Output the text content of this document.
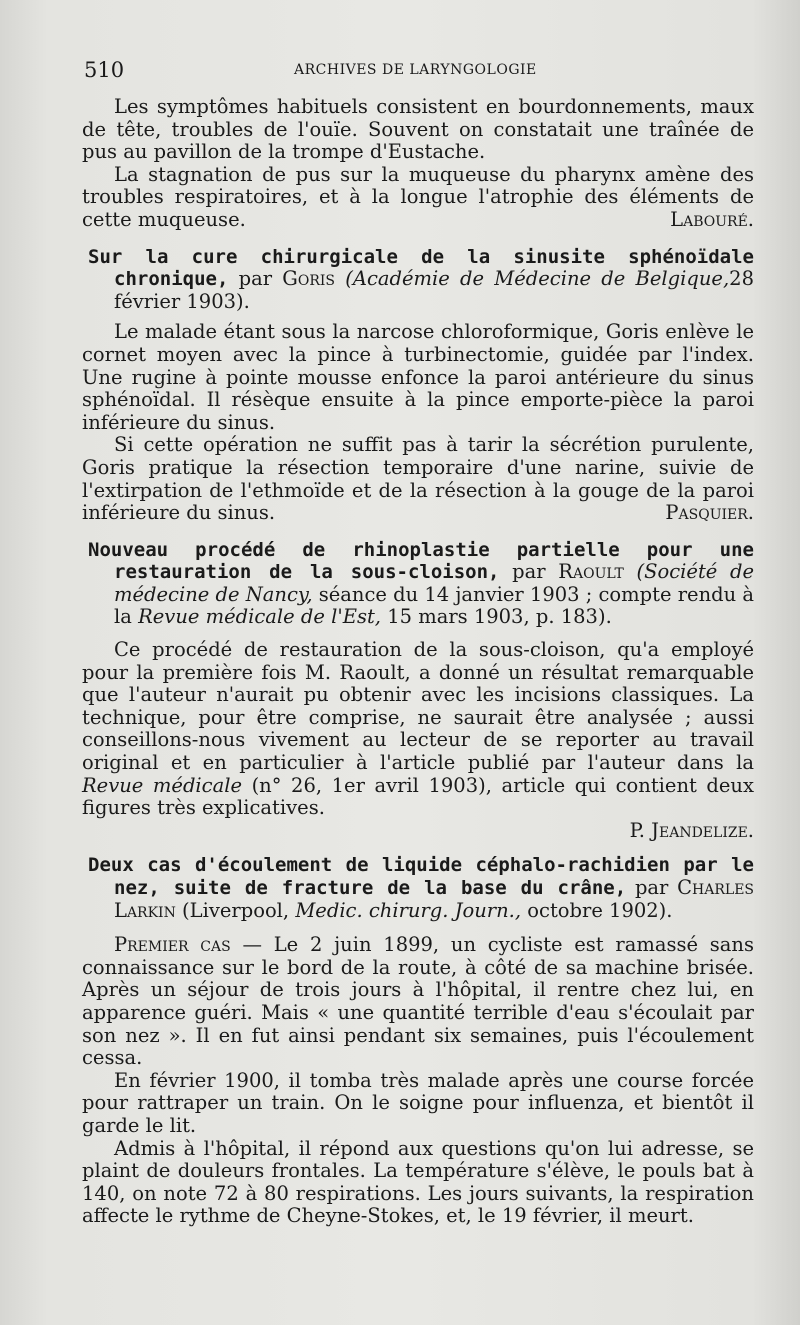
510	ARCHIVES DE LARYNGOLOGIE

Les symptômes habituels consistent en bourdonnements, maux de tête, troubles de l'ouïe. Souvent on constatait une traînée de pus au pavillon de la trompe d'Eustache.

La stagnation de pus sur la muqueuse du pharynx amène des troubles respiratoires, et à la longue l'atrophie des éléments de cette muqueuse.	Labouré.

Sur la cure chirurgicale de la sinusite sphénoïdale chronique, par Goris (Académie de Médecine de Belgique,28 février 1903).

Le malade étant sous la narcose chloroformique, Goris enlève le cornet moyen avec la pince à turbinectomie, guidée par l'index. Une rugine à pointe mousse enfonce la paroi antérieure du sinus sphénoïdal. Il résèque ensuite à la pince emporte-pièce la paroi inférieure du sinus.

Si cette opération ne suffit pas à tarir la sécrétion purulente, Goris pratique la résection temporaire d'une narine, suivie de l'extirpation de l'ethmoïde et de la résection à la gouge de la paroi inférieure du sinus.	Pasquier.

Nouveau procédé de rhinoplastie partielle pour une restauration de la sous-cloison, par Raoult (Société de médecine de Nancy, séance du 14 janvier 1903 ; compte rendu à la Revue médicale de l'Est, 15 mars 1903, p. 183).

Ce procédé de restauration de la sous-cloison, qu'a employé pour la première fois M. Raoult, a donné un résultat remarquable que l'auteur n'aurait pu obtenir avec les incisions classiques. La technique, pour être comprise, ne saurait être analysée ; aussi conseillons-nous vivement au lecteur de se reporter au travail original et en particulier à l'article publié par l'auteur dans la Revue médicale (n° 26, 1er avril 1903), article qui contient deux figures très explicatives.

P. Jeandelize.

Deux cas d'écoulement de liquide céphalo-rachidien par le nez, suite de fracture de la base du crâne, par Charles Larkin (Liverpool, Medic. chirurg. Journ., octobre 1902).

Premier cas — Le 2 juin 1899, un cycliste est ramassé sans connaissance sur le bord de la route, à côté de sa machine brisée. Après un séjour de trois jours à l'hôpital, il rentre chez lui, en apparence guéri. Mais « une quantité terrible d'eau s'écoulait par son nez ». Il en fut ainsi pendant six semaines, puis l'écoulement cessa.

En février 1900, il tomba très malade après une course forcée pour rattraper un train. On le soigne pour influenza, et bientôt il garde le lit.

Admis à l'hôpital, il répond aux questions qu'on lui adresse, se plaint de douleurs frontales. La température s'élève, le pouls bat à 140, on note 72 à 80 respirations. Les jours suivants, la respiration affecte le rythme de Cheyne-Stokes, et, le 19 février, il meurt.
